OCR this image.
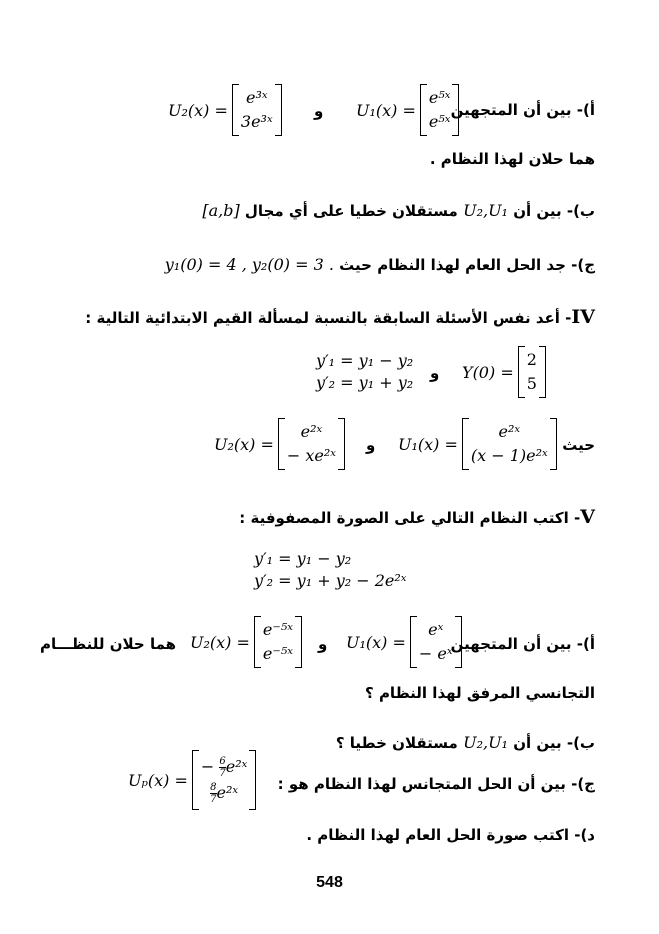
U₂(x) =
e³ˣ
3e³ˣ
و U₁(x) =
e⁵ˣ
e⁵ˣ
أ)- بين أن المتجهين
هما حلان لهذا النظام .
ب)- بين أن U₂,U₁ مستقلان خطيا على أي مجال [a,b]
ج)- جد الحل العام لهذا النظام حيث y₁(0) = 4 , y₂(0) = 3 .
IV- أعد نفس الأسئلة السابقة بالنسبة لمسألة القيم الابتدائية التالية :
y′₁ = y₁ − y₂
y′₂ = y₁ + y₂ و Y(0) =
2
5
U₂(x) =
e²ˣ
− xe²ˣ
و U₁(x) =
e²ˣ
(x − 1)e²ˣ
حيث
V- اكتب النظام التالي على الصورة المصفوفية :
y′₁ = y₁ − y₂
y′₂ = y₁ + y₂ − 2e²ˣ
أ)- بين أن المتجهين
U₁(x) =
eˣ
− eˣ
و
U₂(x) =
e⁻⁵ˣ
e⁻⁵ˣ
هما حلان للنظـــام
التجانسي المرفق لهذا النظام ؟
ب)- بين أن U₂,U₁ مستقلان خطيا ؟
Uₚ(x) =
− $\frac{6}{7}$ e²ˣ
$\frac{8}{7}$ e²ˣ	ج)- بين أن الحل المتجانس لهذا النظام هو :
د)- اكتب صورة الحل العام لهذا النظام .
548
